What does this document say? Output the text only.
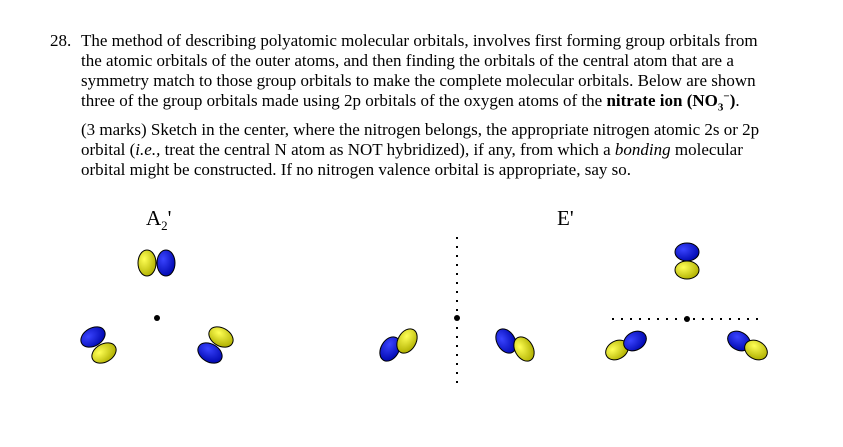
28. The method of describing polyatomic molecular orbitals, involves first forming group orbitals from
the atomic orbitals of the outer atoms, and then finding the orbitals of the central atom that are a
symmetry match to those group orbitals to make the complete molecular orbitals. Below are shown
three of the group orbitals made using 2p orbitals of the oxygen atoms of the nitrate ion $(NO_3^-)$.

(3 marks) Sketch in the center, where the nitrogen belongs, the appropriate nitrogen atomic 2s or 2p
orbital (i.e., treat the central N atom as NOT hybridized), if any, from which a bonding molecular
orbital might be constructed. If no nitrogen valence orbital is appropriate, say so.

$A_2'$	E'
